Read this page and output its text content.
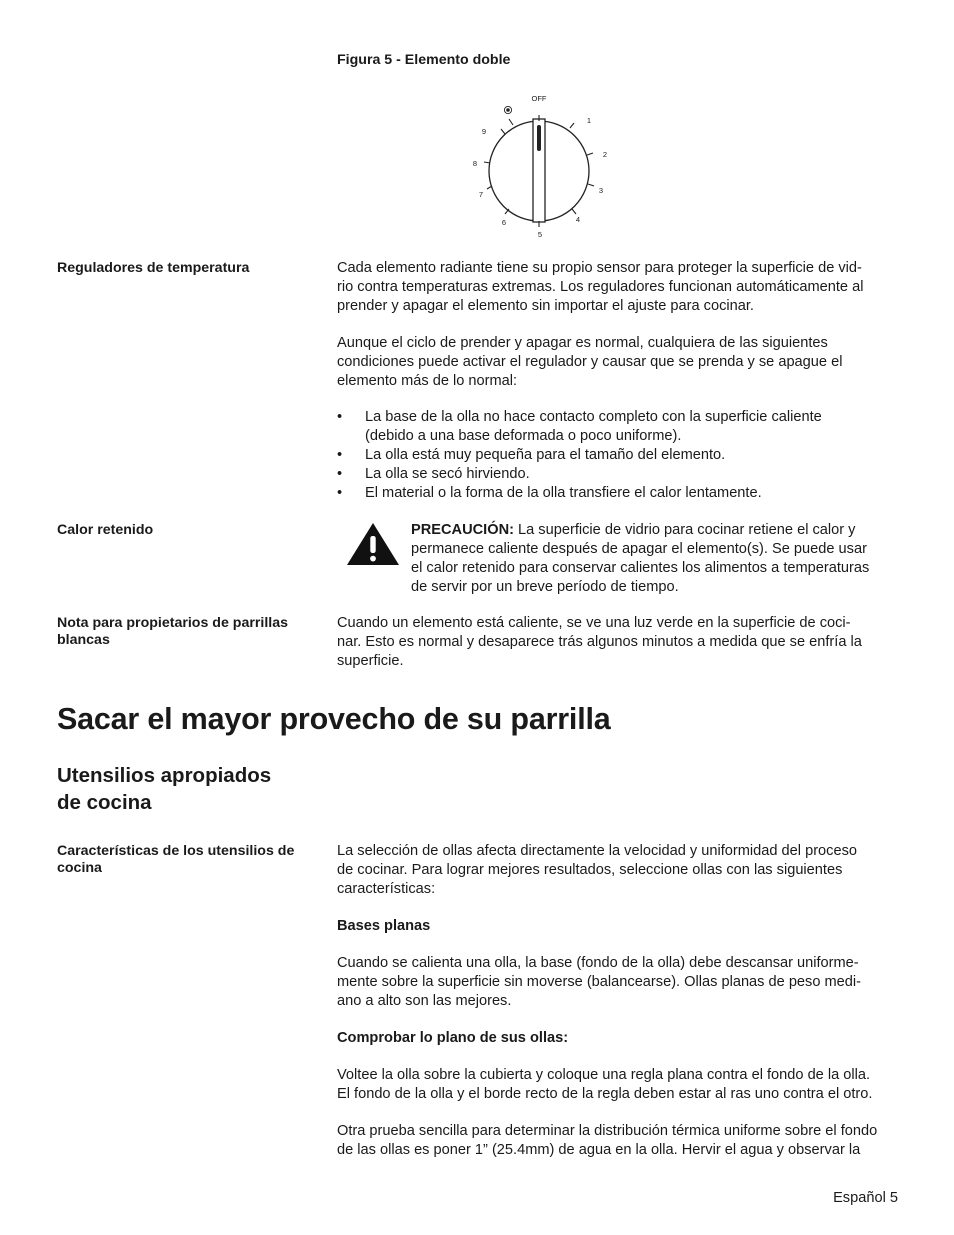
Figura 5 - Elemento doble
OFF
1
2
3
4
5
6
7
8
9
Reguladores de temperatura	Cada elemento radiante tiene su propio sensor para proteger la superficie de vid-
rio contra temperaturas extremas. Los reguladores funcionan automáticamente al
prender y apagar el elemento sin importar el ajuste para cocinar.
Aunque el ciclo de prender y apagar es normal, cualquiera de las siguientes
condiciones puede activar el regulador y causar que se prenda y se apague el
elemento más de lo normal:
• La base de la olla no hace contacto completo con la superficie caliente
(debido a una base deformada o poco uniforme).
• La olla está muy pequeña para el tamaño del elemento.
• La olla se secó hirviendo.
• El material o la forma de la olla transfiere el calor lentamente.
Calor retenido	PRECAUCIÓN: La superficie de vidrio para cocinar retiene el calor y
permanece caliente después de apagar el elemento(s). Se puede usar
el calor retenido para conservar calientes los alimentos a temperaturas
de servir por un breve período de tiempo.
Nota para propietarios de parrillas
blancas
Cuando un elemento está caliente, se ve una luz verde en la superficie de coci-
nar. Esto es normal y desaparece trás algunos minutos a medida que se enfría la
superficie.
Sacar el mayor provecho de su parrilla
Utensilios apropiados
de cocina
Características de los utensilios de
cocina
La selección de ollas afecta directamente la velocidad y uniformidad del proceso
de cocinar. Para lograr mejores resultados, seleccione ollas con las siguientes
características:
Bases planas
Cuando se calienta una olla, la base (fondo de la olla) debe descansar uniforme-
mente sobre la superficie sin moverse (balancearse). Ollas planas de peso medi-
ano a alto son las mejores.
Comprobar lo plano de sus ollas:
Voltee la olla sobre la cubierta y coloque una regla plana contra el fondo de la olla.
El fondo de la olla y el borde recto de la regla deben estar al ras uno contra el otro.
Otra prueba sencilla para determinar la distribución térmica uniforme sobre el fondo
de las ollas es poner 1” (25.4mm) de agua en la olla. Hervir el agua y observar la
Español 5
